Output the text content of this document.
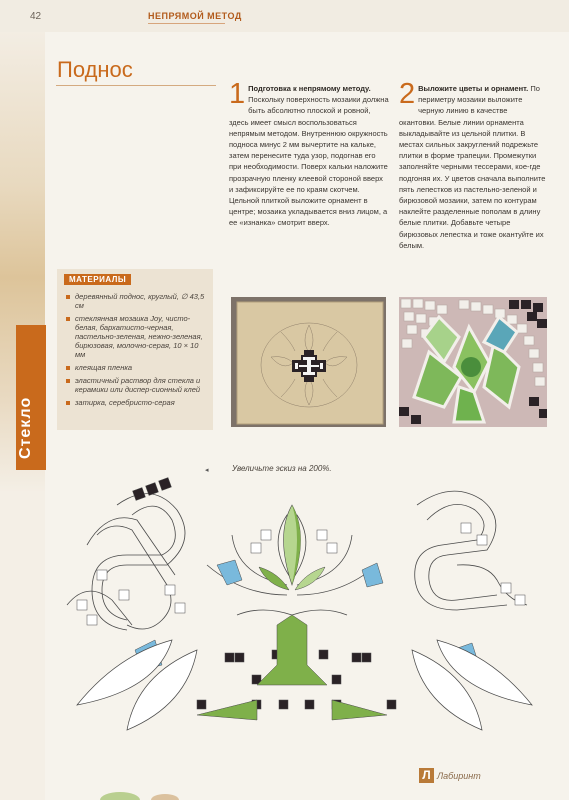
42	НЕПРЯМОЙ МЕТОД
Стекло
Поднос
МАТЕРИАЛЫ
деревянный поднос, круглый, ∅ 43,5 см
стеклянная мозаика Joy, чисто-белая, бархатисто-черная, пастельно-зеленая, нежно-зеленая, бирюзовая, молочно-серая, 10 × 10 мм
клеящая пленка
эластичный раствор для стекла и керамики или диспер-сионный клей
затирка, серебристо-серая
1 Подготовка к непрямому методу. Поскольку поверхность мозаики должна быть абсолютно плоской и ровной, здесь имеет смысл воспользоваться непрямым методом. Внутреннюю окружность подноса минус 2 мм вычертите на кальке, затем перенесите туда узор, подогнав его при необходимости. Поверх кальки наложите прозрачную пленку клеевой стороной вверх и зафиксируйте ее по краям скотчем. Цельной плиткой выложите орнамент в центре; мозаика укладывается вниз лицом, а ее «изнанка» смотрит вверх.
2 Выложите цветы и орнамент. По периметру мозаики выложите черную линию в качестве окантовки. Белые линии орнамента выкладывайте из цельной плитки. В местах сильных закруглений подрежьте плитки в форме трапеции. Промежутки заполняйте черными тессерами, кое-где подгоняя их. У цветов сначала выполните пять лепестков из пастельно-зеленой и бирюзовой мозаики, затем по контурам наклейте разделенные пополам в длину белые плитки. Добавьте четыре бирюзовых лепестка и тоже окантуйте их белым.
◂	Увеличьте эскиз на 200%.
Л Лабиринт
